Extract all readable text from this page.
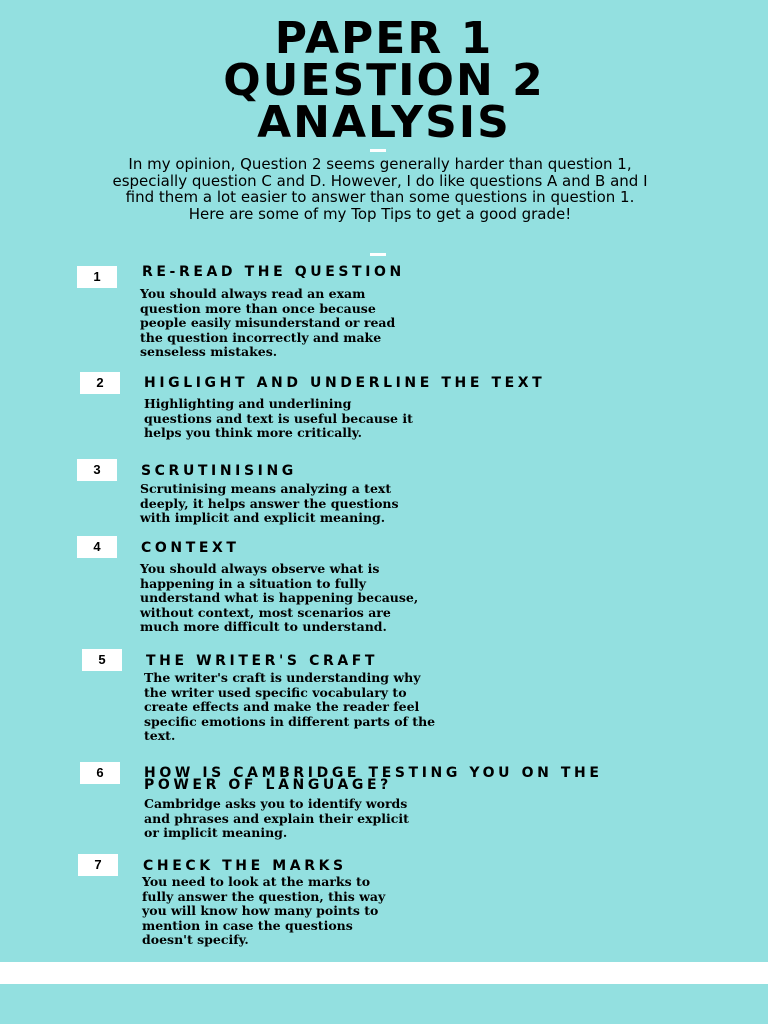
PAPER 1
QUESTION 2
ANALYSIS
In my opinion, Question 2 seems generally harder than question 1, especially question C and D. However, I do like questions A and B and I find them a lot easier to answer than some questions in question 1. Here are some of my Top Tips to get a good grade!
1	RE-READ THE QUESTION
You should always read an exam
question more than once because
people easily misunderstand or read
the question incorrectly and make
senseless mistakes.
2	HIGLIGHT AND UNDERLINE THE TEXT
Highlighting and underlining
questions and text is useful because it
helps you think more critically.
3	SCRUTINISING
Scrutinising means analyzing a text
deeply, it helps answer the questions
with implicit and explicit meaning.
4	CONTEXT
You should always observe what is
happening in a situation to fully
understand what is happening because,
without context, most scenarios are
much more difficult to understand.
5	THE WRITER'S CRAFT
The writer's craft is understanding why
the writer used specific vocabulary to
create effects and make the reader feel
specific emotions in different parts of the
text.
6	HOW IS CAMBRIDGE TESTING YOU ON THE POWER OF LANGUAGE?
Cambridge asks you to identify words
and phrases and explain their explicit
or implicit meaning.
7	CHECK THE MARKS
You need to look at the marks to
fully answer the question, this way
you will know how many points to
mention in case the questions
doesn't specify.
